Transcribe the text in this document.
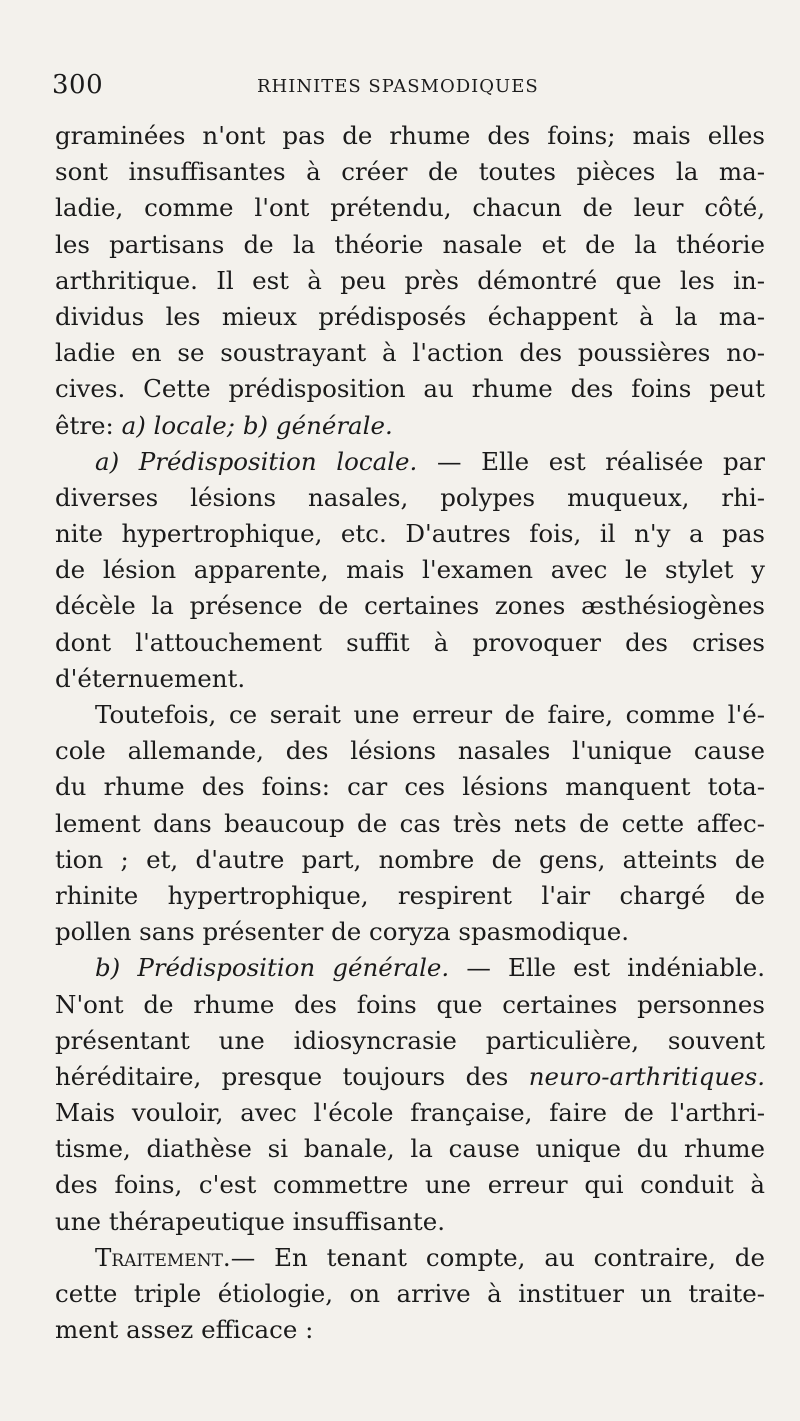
300	RHINITES SPASMODIQUES
graminées n'ont pas de rhume des foins; mais elles
sont insuffisantes à créer de toutes pièces la ma-
ladie, comme l'ont prétendu, chacun de leur côté,
les partisans de la théorie nasale et de la théorie
arthritique. Il est à peu près démontré que les in-
dividus les mieux prédisposés échappent à la ma-
ladie en se soustrayant à l'action des poussières no-
cives. Cette prédisposition au rhume des foins peut
être: a) locale; b) générale.
a) Prédisposition locale. — Elle est réalisée par
diverses lésions nasales, polypes muqueux, rhi-
nite hypertrophique, etc. D'autres fois, il n'y a pas
de lésion apparente, mais l'examen avec le stylet y
décèle la présence de certaines zones æsthésiogènes
dont l'attouchement suffit à provoquer des crises
d'éternuement.
Toutefois, ce serait une erreur de faire, comme l'é-
cole allemande, des lésions nasales l'unique cause
du rhume des foins: car ces lésions manquent tota-
lement dans beaucoup de cas très nets de cette affec-
tion ; et, d'autre part, nombre de gens, atteints de
rhinite hypertrophique, respirent l'air chargé de
pollen sans présenter de coryza spasmodique.
b) Prédisposition générale. — Elle est indéniable.
N'ont de rhume des foins que certaines personnes
présentant une idiosyncrasie particulière, souvent
héréditaire, presque toujours des neuro-arthritiques.
Mais vouloir, avec l'école française, faire de l'arthri-
tisme, diathèse si banale, la cause unique du rhume
des foins, c'est commettre une erreur qui conduit à
une thérapeutique insuffisante.
Traitement.— En tenant compte, au contraire, de
cette triple étiologie, on arrive à instituer un traite-
ment assez efficace :
